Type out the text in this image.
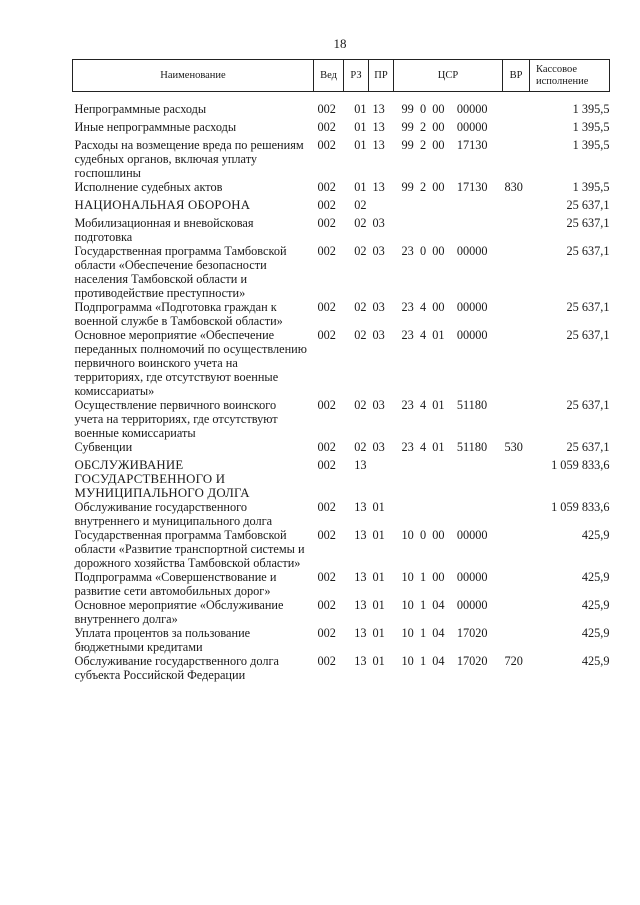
18
Наименование	Вед	РЗ	ПР	ЦСР	ВР	Кассовое исполнение
Непрограммные расходы	002	01	13	99  0  00    00000		1 395,5
Иные непрограммные расходы	002	01	13	99  2  00    00000		1 395,5
Расходы на возмещение вреда по решениям судебных органов, включая уплату госпошлины	002	01	13	99  2  00    17130		1 395,5
Исполнение судебных актов	002	01	13	99  2  00    17130	830	1 395,5
НАЦИОНАЛЬНАЯ ОБОРОНА	002	02				25 637,1
Мобилизационная и вневойсковая подготовка	002	02	03			25 637,1
Государственная программа Тамбовской области «Обеспечение безопасности населения Тамбовской области и противодействие преступности»	002	02	03	23  0  00    00000		25 637,1
Подпрограмма «Подготовка граждан к военной службе в Тамбовской области»	002	02	03	23  4  00    00000		25 637,1
Основное мероприятие «Обеспечение переданных полномочий по осуществлению первичного воинского учета на территориях, где отсутствуют военные комиссариаты»	002	02	03	23  4  01    00000		25 637,1
Осуществление первичного воинского учета на территориях, где отсутствуют военные комиссариаты	002	02	03	23  4  01    51180		25 637,1
Субвенции	002	02	03	23  4  01    51180	530	25 637,1
ОБСЛУЖИВАНИЕ ГОСУДАРСТВЕННОГО И МУНИЦИПАЛЬНОГО ДОЛГА	002	13				1 059 833,6
Обслуживание государственного внутреннего и муниципального долга	002	13	01			1 059 833,6
Государственная программа Тамбовской области «Развитие транспортной системы и дорожного хозяйства Тамбовской области»	002	13	01	10  0  00    00000		425,9
Подпрограмма «Совершенствование и развитие сети автомобильных дорог»	002	13	01	10  1  00    00000		425,9
Основное мероприятие «Обслуживание внутреннего долга»	002	13	01	10  1  04    00000		425,9
Уплата процентов за пользование бюджетными кредитами	002	13	01	10  1  04    17020		425,9
Обслуживание государственного долга субъекта Российской Федерации	002	13	01	10  1  04    17020	720	425,9
